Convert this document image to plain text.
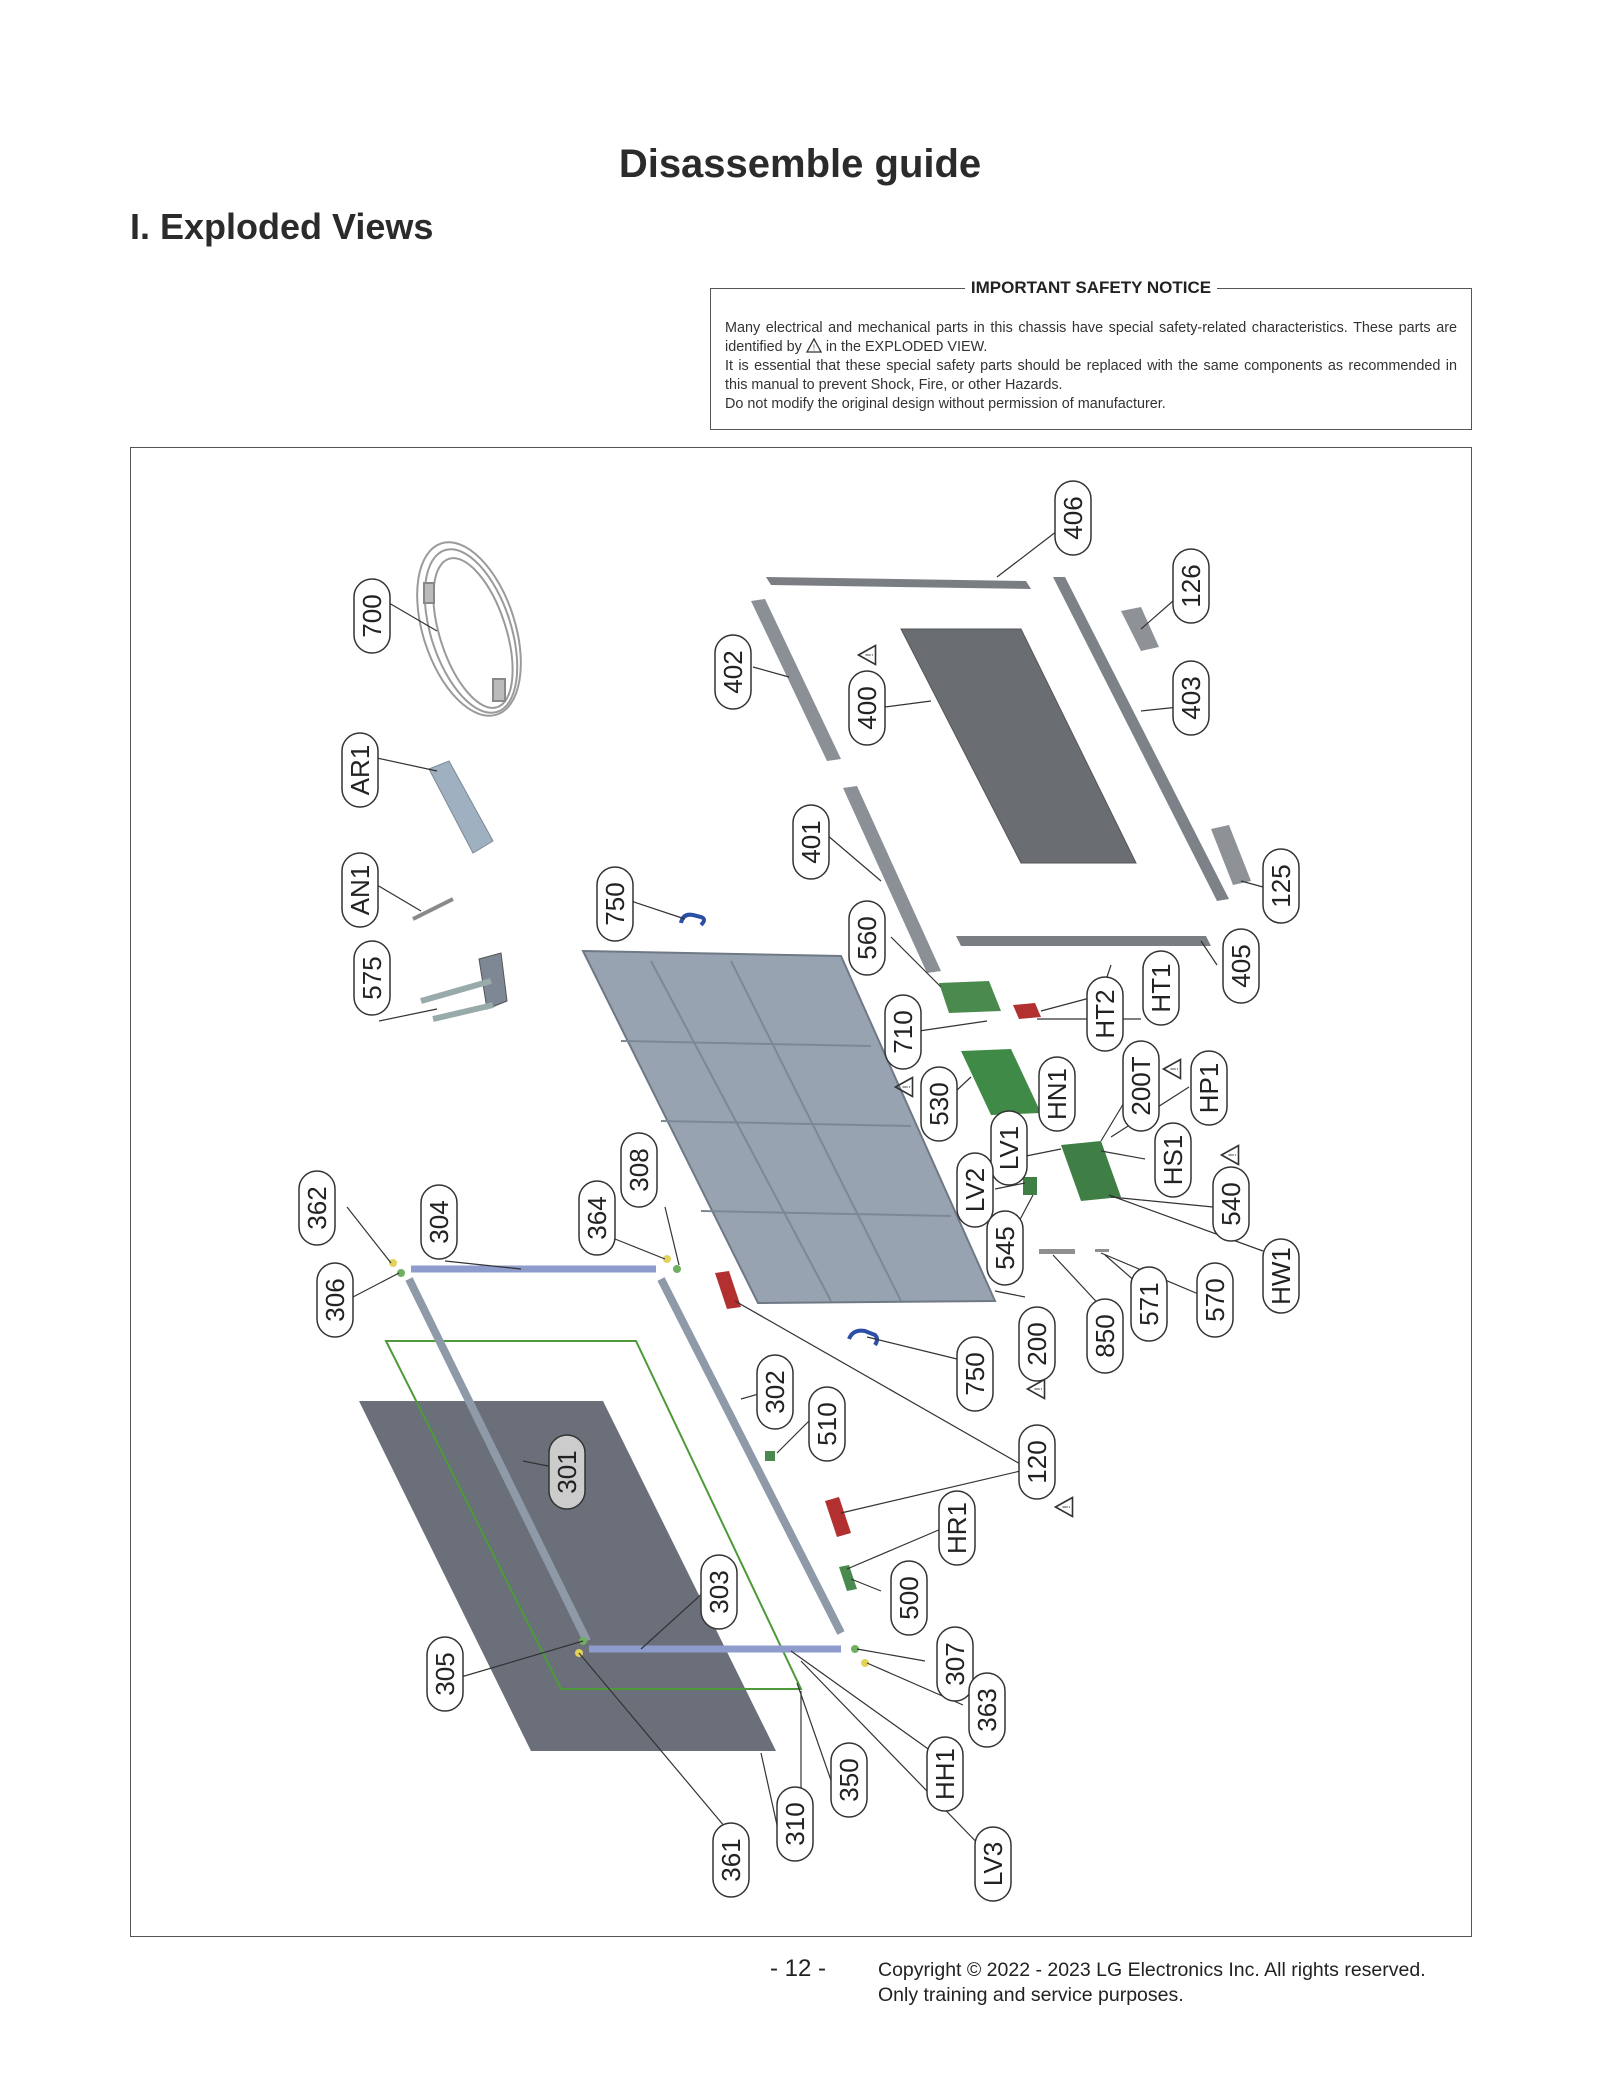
Disassemble guide
I. Exploded Views
IMPORTANT SAFETY NOTICE

Many electrical and mechanical parts in this chassis have special safety-related characteristics. These parts are identified by ! in the EXPLODED VIEW.

It is essential that these special safety parts should be replaced with the same components as recommended in this manual to prevent Shock, Fire, or other Hazards.

Do not modify the original design without permission of manufacturer.

700
AR1
AN1
575
750
402
400
406
126
403
401
125
405
560
710	HT2
HT1
530	HN1 200T HP1
LV1	HS1
LV2	540
545	HW1
362	304	364
308
306	570
571
850
200
750
302
510
120
301
HR1
303	500
305	307
363
350	HH1
310
361	LV3
- 12 -	Copyright © 2022 - 2023 LG Electronics Inc. All rights reserved.
Only training and service purposes.
